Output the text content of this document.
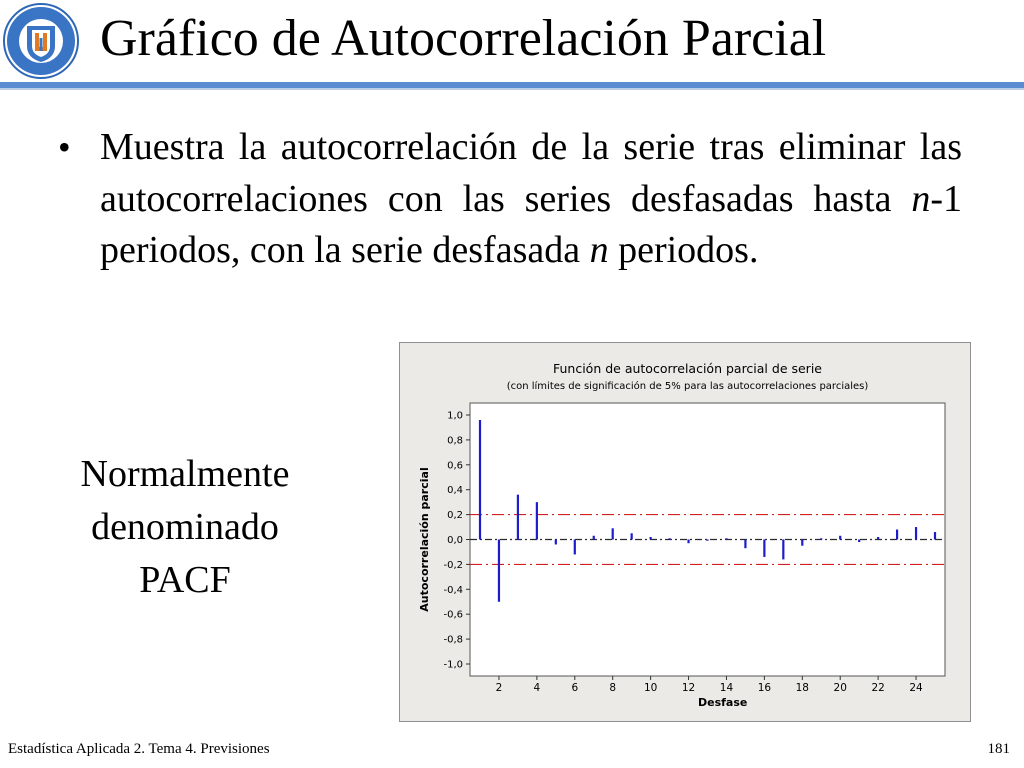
Gráfico de Autocorrelación Parcial
• Muestra la autocorrelación de la serie tras eliminar las autocorrelaciones con las series desfasadas hasta n-1 periodos, con la serie desfasada n periodos.
Normalmente
denominado
PACF
Función de autocorrelación parcial de serie
(con límites de significación de 5% para las autocorrelaciones parciales)
1,0
0,8
0,6
0,4
0,2
0,0
-0,2
-0,4
-0,6
-0,8
-1,0
2	4	6	8	10 12 14 16 18 20 22 24
Desfase
Autocorrelación parcial
Estadística Aplicada 2. Tema 4. Previsiones	181
